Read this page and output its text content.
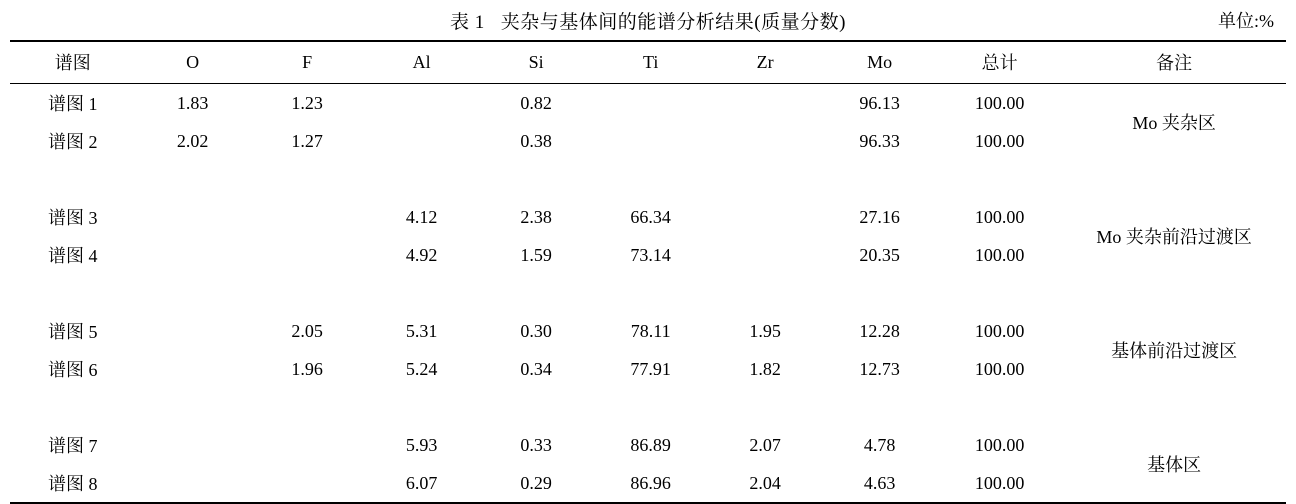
表 1 夹杂与基体间的能谱分析结果(质量分数)	单位:%
谱图	O	F	Al	Si	Ti	Zr	Mo	总计	备注
谱图 1	1.83	1.23		0.82			96.13	100.00	Mo 夹杂区
谱图 2	2.02	1.27		0.38			96.33	100.00	

谱图 3			4.12	2.38	66.34		27.16	100.00	Mo 夹杂前沿过渡区
谱图 4			4.92	1.59	73.14		20.35	100.00	

谱图 5		2.05	5.31	0.30	78.11	1.95	12.28	100.00	基体前沿过渡区
谱图 6		1.96	5.24	0.34	77.91	1.82	12.73	100.00	

谱图 7			5.93	0.33	86.89	2.07	4.78	100.00	基体区
谱图 8			6.07	0.29	86.96	2.04	4.63	100.00	
